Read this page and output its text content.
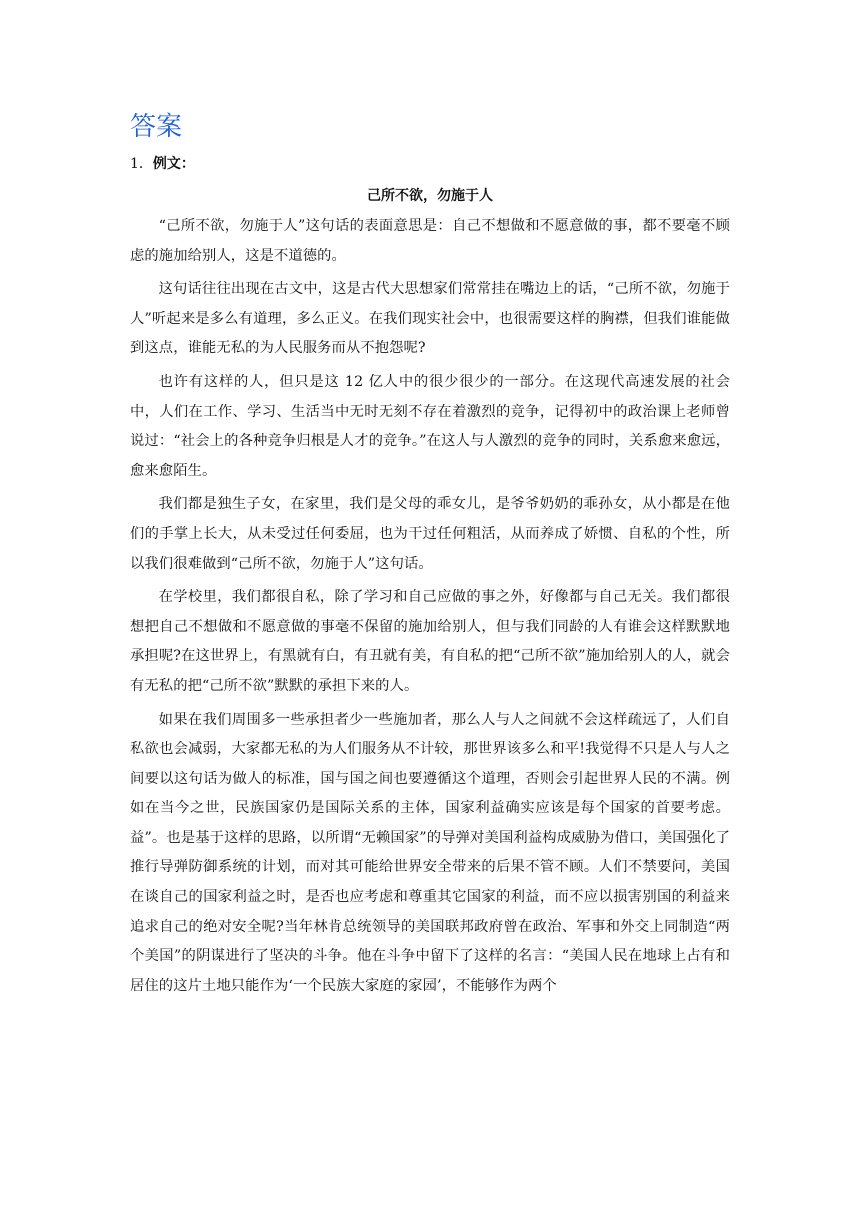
答案

1．例文：

己所不欲，勿施于人

“己所不欲，勿施于人”这句话的表面意思是：自己不想做和不愿意做的事，都不要毫不顾虑的施加给别人，这是不道德的。

这句话往往出现在古文中，这是古代大思想家们常常挂在嘴边上的话，“己所不欲，勿施于人”听起来是多么有道理，多么正义。在我们现实社会中，也很需要这样的胸襟，但我们谁能做到这点，谁能无私的为人民服务而从不抱怨呢?

也许有这样的人，但只是这 12 亿人中的很少很少的一部分。在这现代高速发展的社会中，人们在工作、学习、生活当中无时无刻不存在着激烈的竞争，记得初中的政治课上老师曾说过：“社会上的各种竞争归根是人才的竞争。”在这人与人激烈的竞争的同时，关系愈来愈远，愈来愈陌生。

我们都是独生子女，在家里，我们是父母的乖女儿，是爷爷奶奶的乖孙女，从小都是在他们的手掌上长大，从未受过任何委屈，也为干过任何粗活，从而养成了娇惯、自私的个性，所以我们很难做到“己所不欲，勿施于人”这句话。

在学校里，我们都很自私，除了学习和自己应做的事之外，好像都与自己无关。我们都很想把自己不想做和不愿意做的事毫不保留的施加给别人，但与我们同龄的人有谁会这样默默地承担呢?在这世界上，有黑就有白，有丑就有美，有自私的把“己所不欲”施加给别人的人，就会有无私的把“己所不欲”默默的承担下来的人。

如果在我们周围多一些承担者少一些施加者，那么人与人之间就不会这样疏远了，人们自私欲也会减弱，大家都无私的为人们服务从不计较，那世界该多么和平!我觉得不只是人与人之间要以这句话为做人的标准，国与国之间也要遵循这个道理，否则会引起世界人民的不满。例如在当今之世，民族国家仍是国际关系的主体，国家利益确实应该是每个国家的首要考虑。益”。也是基于这样的思路，以所谓“无赖国家”的导弹对美国利益构成威胁为借口，美国强化了推行导弹防御系统的计划，而对其可能给世界安全带来的后果不管不顾。人们不禁要问，美国在谈自己的国家利益之时，是否也应考虑和尊重其它国家的利益，而不应以损害别国的利益来追求自己的绝对安全呢?当年林肯总统领导的美国联邦政府曾在政治、军事和外交上同制造“两个美国”的阴谋进行了坚决的斗争。他在斗争中留下了这样的名言：“美国人民在地球上占有和居住的这片土地只能作为‘一个民族大家庭的家园’，不能够作为两个
